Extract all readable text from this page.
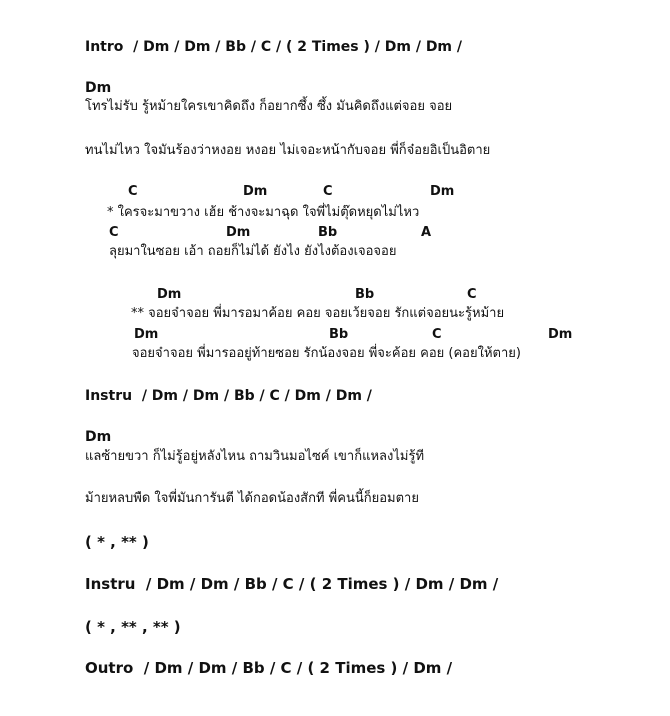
Intro  / Dm / Dm / Bb / C / ( 2 Times ) / Dm / Dm /
Dm
โทรไม่รับ รู้หม้ายใครเขาคิดถึง ก็อยากซึ้ง ซึ้ง มันคิดถึงแต่จอย จอย
ทนไม่ไหว ใจมันร้องว่าหงอย หงอย ไม่เจอะหน้ากับจอย พี่ก็จ๋อยอิเป็นอิตาย
C	Dm	C	Dm
* ใครจะมาขวาง เฮ้ย ช้างจะมาฉุด ใจพี่ไม่ตุ๊ดหยุดไม่ไหว
C	Dm	Bb	A
ลุยมาในซอย เอ้า ถอยก็ไม่ได้ ยังไง ยังไงต้องเจอจอย
Dm	Bb	C
** จอยจ๋าจอย พี่มารอมาค้อย คอย จอยเว้ยจอย รักแต่จอยนะรู้หม้าย
Dm	Bb	C	Dm
จอยจ๋าจอย พี่มารออยู่ท้ายซอย รักน้องจอย พี่จะค้อย คอย (คอยให้ตาย)
Instru  / Dm / Dm / Bb / C / Dm / Dm /
Dm
แลซ้ายขวา ก็ไม่รู้อยู่หลังไหน ถามวินมอไซค์ เขาก็แหลงไม่รู้ที
ม้ายหลบพืด ใจพี่มันการันตี ได้กอดน้องสักที พี่คนนี้ก็ยอมตาย
( * , ** )
Instru  / Dm / Dm / Bb / C / ( 2 Times ) / Dm / Dm /
( * , ** , ** )
Outro  / Dm / Dm / Bb / C / ( 2 Times ) / Dm /
